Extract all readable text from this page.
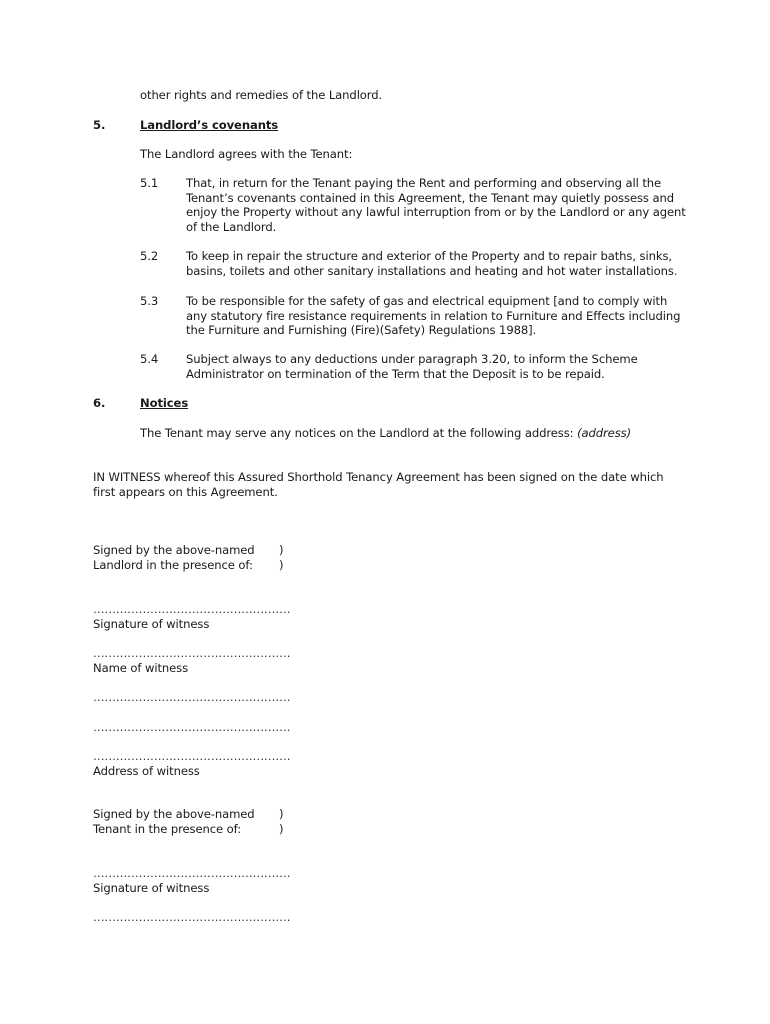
other rights and remedies of the Landlord.
5.	Landlord’s covenants
The Landlord agrees with the Tenant:
5.1 That, in return for the Tenant paying the Rent and performing and observing all the Tenant’s covenants contained in this Agreement, the Tenant may quietly possess and enjoy the Property without any lawful interruption from or by the Landlord or any agent of the Landlord.
5.2 To keep in repair the structure and exterior of the Property and to repair baths, sinks, basins, toilets and other sanitary installations and heating and hot water installations.
5.3 To be responsible for the safety of gas and electrical equipment [and to comply with any statutory fire resistance requirements in relation to Furniture and Effects including the Furniture and Furnishing (Fire)(Safety) Regulations 1988].
5.4 Subject always to any deductions under paragraph 3.20, to inform the Scheme Administrator on termination of the Term that the Deposit is to be repaid.
6.	Notices
The Tenant may serve any notices on the Landlord at the following address: (address)
IN WITNESS whereof this Assured Shorthold Tenancy Agreement has been signed on the date which first appears on this Agreement.
Signed by the above-named )
Landlord in the presence of: )
…………………………………………….
Signature of witness
…………………………………………….
Name of witness
…………………………………………….
…………………………………………….
…………………………………………….
Address of witness
Signed by the above-named )
Tenant in the presence of:	)
…………………………………………….
Signature of witness
…………………………………………….
